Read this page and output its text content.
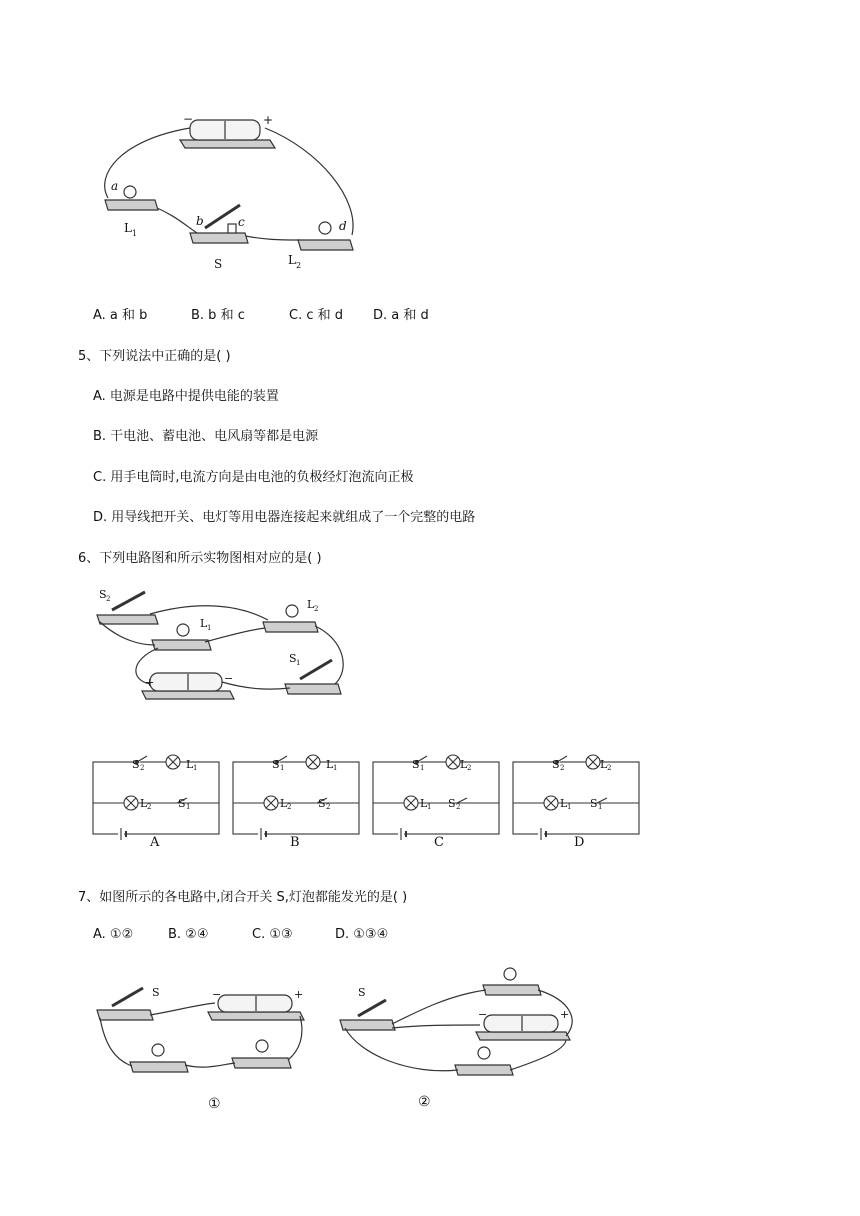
a
b	c	d
L 1
S	L 2
−	+
A. a 和 b	B. b 和 c	C. c 和 d D. a 和 d
5、下列说法中正确的是( )
A. 电源是电路中提供电能的装置
B. 干电池、蓄电池、电风扇等都是电源
C. 用手电筒时,电流方向是由电池的负极经灯泡流向正极
D. 用导线把开关、电灯等用电器连接起来就组成了一个完整的电路
6、下列电路图和所示实物图相对应的是( )
S 2	L 2
L 1
S 1
+	−
S 2	L 1
L 2 S 1
A
S 1	L 1
L 2 S 2
B
S 1	L 2
L 1 S 2
C
S 2	L 2
L 1 S 1
D
7、如图所示的各电路中,闭合开关 S,灯泡都能发光的是( )
A. ①②	B. ②④	C. ①③	D. ①③④
S	−	+	S
−	+
①	②
